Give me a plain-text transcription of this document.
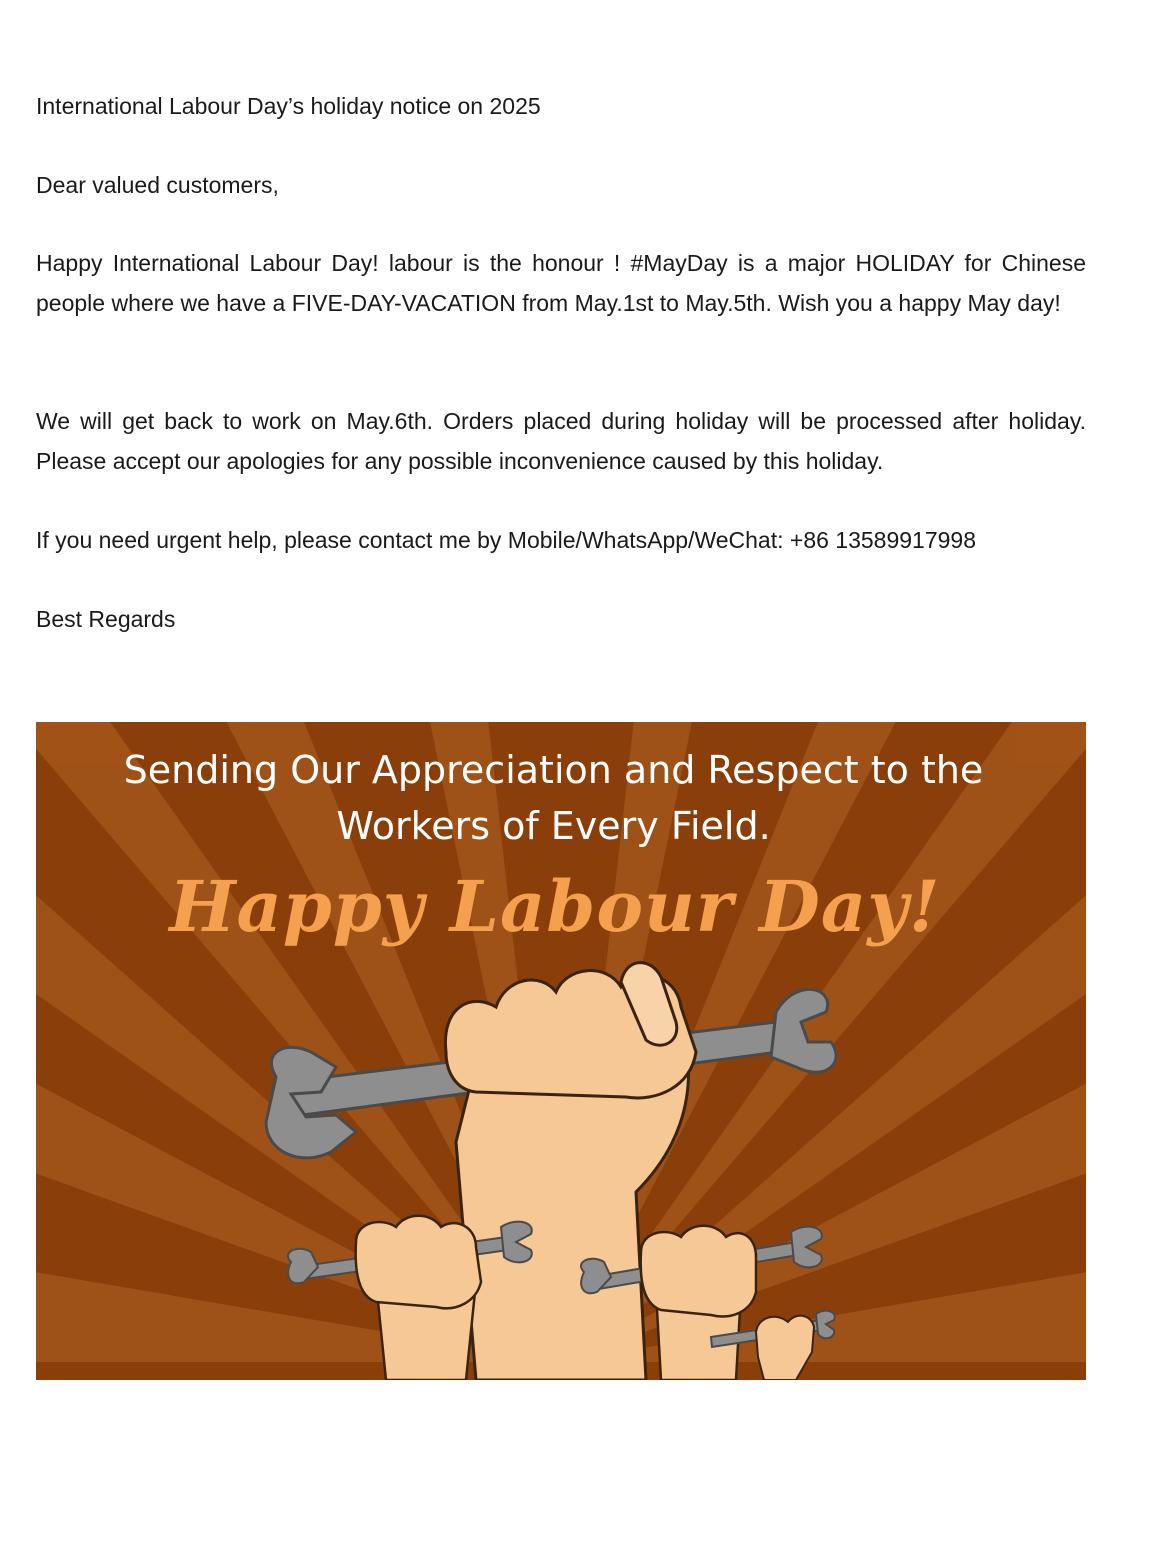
International Labour Day’s holiday notice on 2025

Dear valued customers,

Happy International Labour Day! labour is the honour ! #MayDay is a major HOLIDAY for Chinese people where we have a FIVE-DAY-VACATION from May.1st to May.5th. Wish you a happy May day!

We will get back to work on May.6th. Orders placed during holiday will be processed after holiday. Please accept our apologies for any possible inconvenience caused by this holiday.

If you need urgent help, please contact me by Mobile/WhatsApp/WeChat: +86 13589917998

Best Regards

Sending Our Appreciation and Respect to the
Workers of Every Field.
Happy Labour Day!
